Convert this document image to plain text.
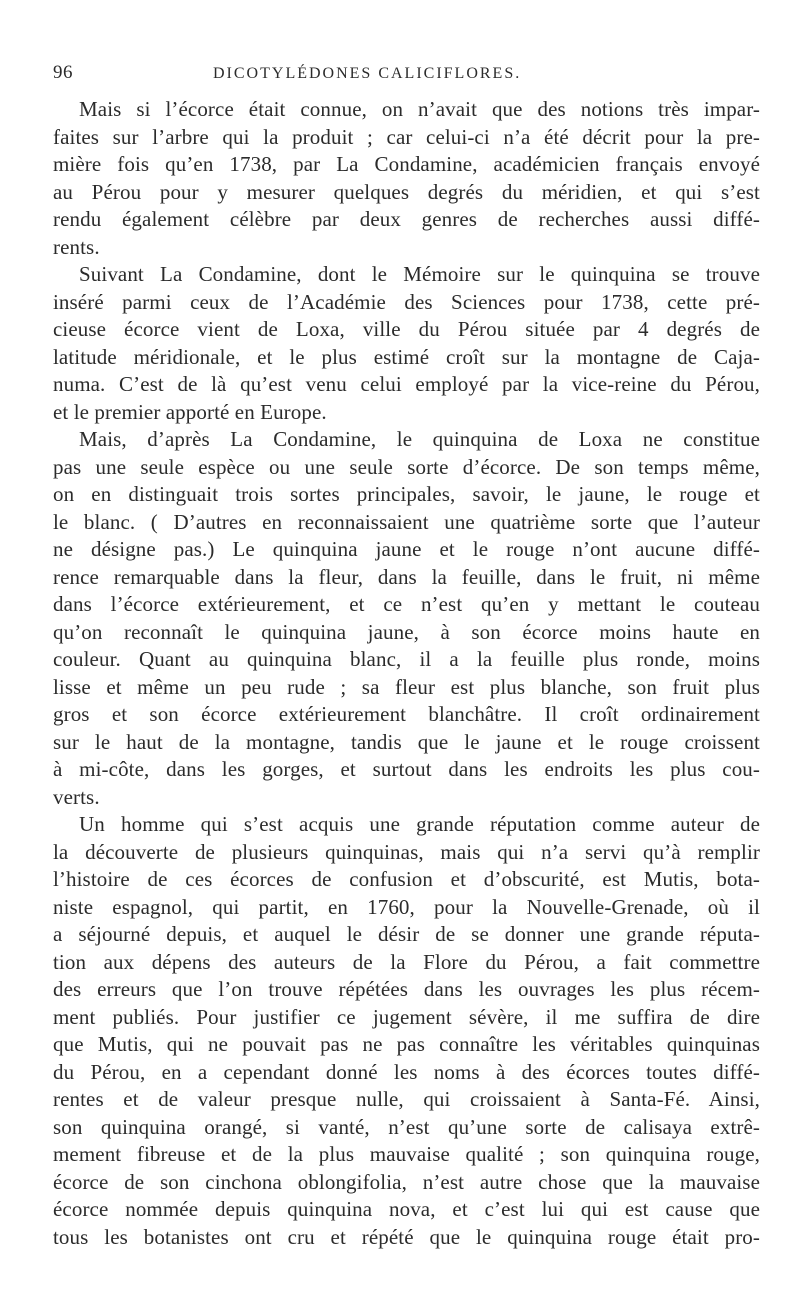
96	DICOTYLÉDONES CALICIFLORES.

Mais si l’écorce était connue, on n’avait que des notions très impar-
faites sur l’arbre qui la produit ; car celui-ci n’a été décrit pour la pre-
mière fois qu’en 1738, par La Condamine, académicien français envoyé
au Pérou pour y mesurer quelques degrés du méridien, et qui s’est
rendu également célèbre par deux genres de recherches aussi diffé-
rents.

Suivant La Condamine, dont le Mémoire sur le quinquina se trouve
inséré parmi ceux de l’Académie des Sciences pour 1738, cette pré-
cieuse écorce vient de Loxa, ville du Pérou située par 4 degrés de
latitude méridionale, et le plus estimé croît sur la montagne de Caja-
numa. C’est de là qu’est venu celui employé par la vice-reine du Pérou,
et le premier apporté en Europe.

Mais, d’après La Condamine, le quinquina de Loxa ne constitue
pas une seule espèce ou une seule sorte d’écorce. De son temps même,
on en distinguait trois sortes principales, savoir, le jaune, le rouge et
le blanc. ( D’autres en reconnaissaient une quatrième sorte que l’auteur
ne désigne pas.) Le quinquina jaune et le rouge n’ont aucune diffé-
rence remarquable dans la fleur, dans la feuille, dans le fruit, ni même
dans l’écorce extérieurement, et ce n’est qu’en y mettant le couteau
qu’on reconnaît le quinquina jaune, à son écorce moins haute en
couleur. Quant au quinquina blanc, il a la feuille plus ronde, moins
lisse et même un peu rude ; sa fleur est plus blanche, son fruit plus
gros et son écorce extérieurement blanchâtre. Il croît ordinairement
sur le haut de la montagne, tandis que le jaune et le rouge croissent
à mi-côte, dans les gorges, et surtout dans les endroits les plus cou-
verts.

Un homme qui s’est acquis une grande réputation comme auteur de
la découverte de plusieurs quinquinas, mais qui n’a servi qu’à remplir
l’histoire de ces écorces de confusion et d’obscurité, est Mutis, bota-
niste espagnol, qui partit, en 1760, pour la Nouvelle-Grenade, où il
a séjourné depuis, et auquel le désir de se donner une grande réputa-
tion aux dépens des auteurs de la Flore du Pérou, a fait commettre
des erreurs que l’on trouve répétées dans les ouvrages les plus récem-
ment publiés. Pour justifier ce jugement sévère, il me suffira de dire
que Mutis, qui ne pouvait pas ne pas connaître les véritables quinquinas
du Pérou, en a cependant donné les noms à des écorces toutes diffé-
rentes et de valeur presque nulle, qui croissaient à Santa-Fé. Ainsi,
son quinquina orangé, si vanté, n’est qu’une sorte de calisaya extrê-
mement fibreuse et de la plus mauvaise qualité ; son quinquina rouge,
écorce de son cinchona oblongifolia, n’est autre chose que la mauvaise
écorce nommée depuis quinquina nova, et c’est lui qui est cause que
tous les botanistes ont cru et répété que le quinquina rouge était pro-
